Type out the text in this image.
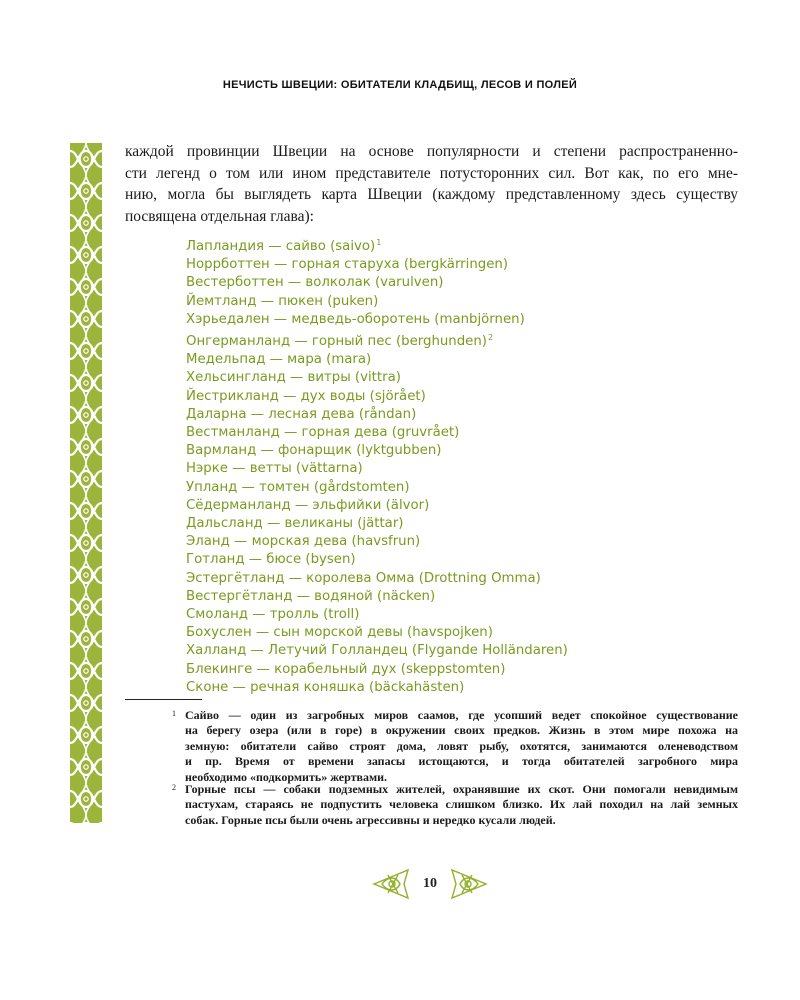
НЕЧИСТЬ ШВЕЦИИ: ОБИТАТЕЛИ КЛАДБИЩ, ЛЕСОВ И ПОЛЕЙ
каждой провинции Швеции на основе популярности и степени распространенно-
сти легенд о том или ином представителе потусторонних сил. Вот как, по его мне-
нию, могла бы выглядеть карта Швеции (каждому представленному здесь существу
посвящена отдельная глава):
Лапландия — сайво (saivo)$^1$
Норрботтен — горная старуха (bergkärringen)
Вестерботтен — волколак (varulven)
Йемтланд — пюкен (puken)
Хэрьедален — медведь-оборотень (manbjörnen)
Онгерманланд — горный пес (berghunden)$^2$
Медельпад — мара (mara)
Хельсингланд — витры (vittra)
Йестрикланд — дух воды (sjörået)
Даларна — лесная дева (råndan)
Вестманланд — горная дева (gruvrået)
Вармланд — фонарщик (lyktgubben)
Нэрке — ветты (vättarna)
Упланд — томтен (gårdstomten)
Сёдерманланд — эльфийки (älvor)
Дальсланд — великаны (jättar)
Эланд — морская дева (havsfrun)
Готланд — бюсе (bysen)
Эстергётланд — королева Омма (Drottning Omma)
Вестергётланд — водяной (näcken)
Смоланд — тролль (troll)
Бохуслен — сын морской девы (havspojken)
Халланд — Летучий Голландец (Flygande Holländaren)
Блекинге — корабельный дух (skeppstomten)
Сконе — речная коняшка (bäckahästen)
1 Сайво — один из загробных миров саамов, где усопший ведет спокойное существование
на берегу озера (или в горе) в окружении своих предков. Жизнь в этом мире похожа на
земную: обитатели сайво строят дома, ловят рыбу, охотятся, занимаются оленеводством
и пр. Время от времени запасы истощаются, и тогда обитателей загробного мира
необходимо «подкормить» жертвами.
2 Горные псы — собаки подземных жителей, охранявшие их скот. Они помогали невидимым
пастухам, стараясь не подпустить человека слишком близко. Их лай походил на лай земных
собак. Горные псы были очень агрессивны и нередко кусали людей.
10
